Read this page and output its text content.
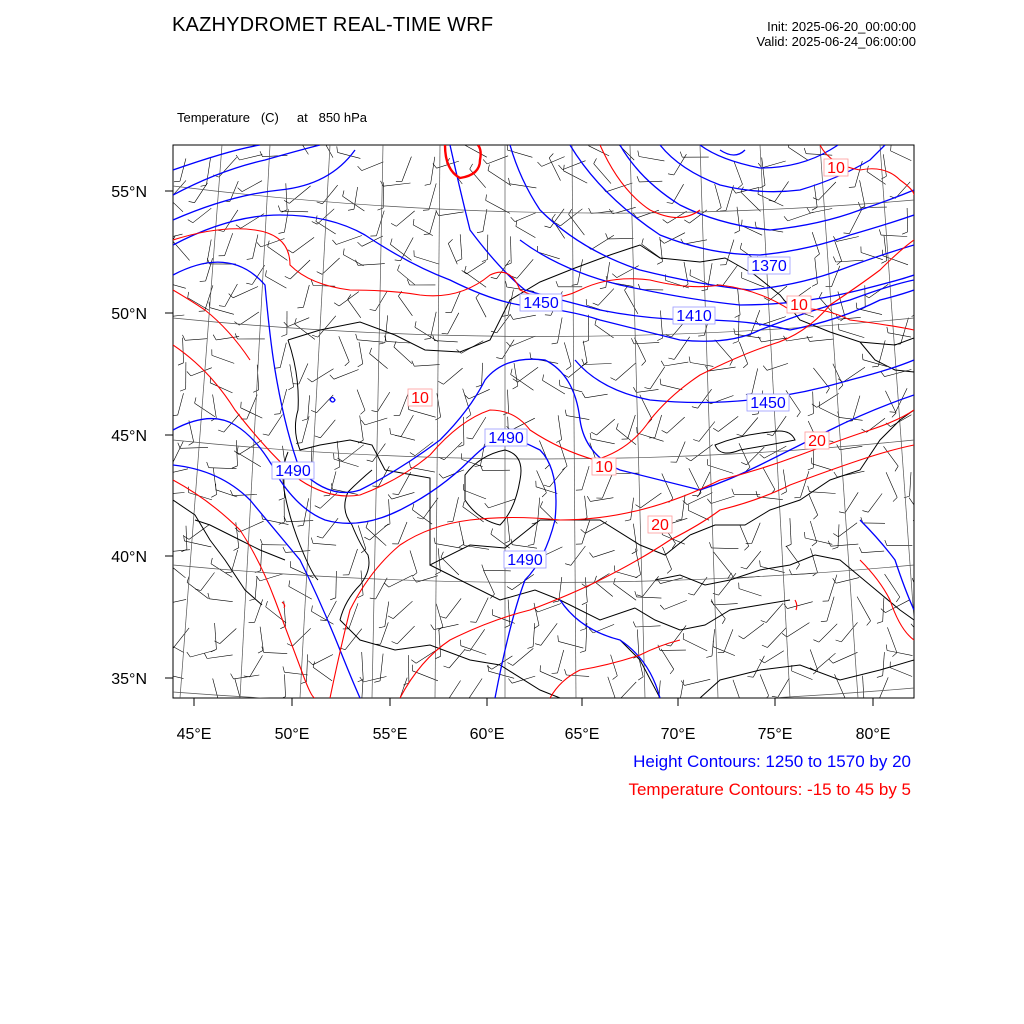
KAZHYDROMET REAL-TIME WRF	Init: 2025-06-20_00:00:00
Valid: 2025-06-24_06:00:00

Temperature   (C)     at   850 hPa

1370
1410
1450
1450
1490
1490
1490
10
10
10
10
20
20
55°N
50°N
45°N
40°N
35°N
45°E	50°E	55°E	60°E	65°E	70°E	75°E	80°E
Height Contours: 1250 to 1570 by 20
Temperature Contours: -15 to 45 by 5
